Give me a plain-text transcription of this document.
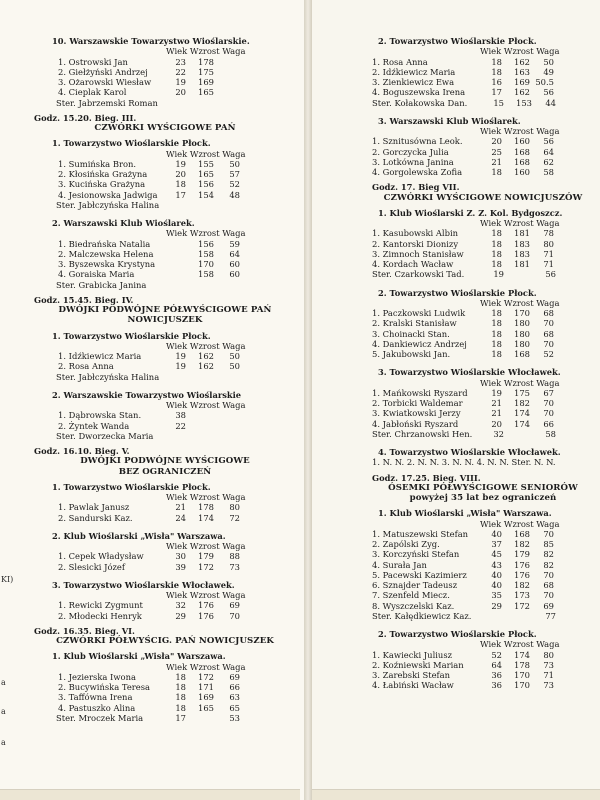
10. Warszawskie Towarzystwo Wioślarskie.
Wiek Wzrost Waga
1. Ostrowski Jan	23	178
2. Giełżyński Andrzej	22	175
3. Ożarowski Wiesław	19	169
4. Cieplak Karol	20	165
Ster. Jabrzemski Roman
Godz. 15.20. Bieg. III.
CZWÓRKI WYŚCIGOWE PAŃ
1. Towarzystwo Wioślarskie Płock.
Wiek Wzrost Waga
1. Sumińska Bron.	19	155	50
2. Kłosińska Grażyna	20	165	57
3. Kucińska Grażyna	18	156	52
4. Jesionowska Jadwiga	17	154	48
Ster. Jabłczyńska Halina
2. Warszawski Klub Wioślarek.
Wiek Wzrost Waga
1. Biedrańska Natalia	156	59
2. Malczewska Helena	158	64
3. Byszewska Krystyna	170	60
4. Goraiska Maria	158	60
Ster. Grabicka Janina
Godz. 15.45. Bieg. IV.
DWÓJKI PODWÓJNE PÓŁWYŚCIGOWE PAŃ
NOWICJUSZEK
1. Towarzystwo Wioślarskie Płock.
Wiek Wzrost Waga
1. Idźkiewicz Maria	19	162	50
2. Rosa Anna	19	162	50
Ster. Jabłczyńska Halina
2. Warszawskie Towarzystwo Wioślarskie
Wiek Wzrost Waga
1. Dąbrowska Stan.	38
2. Żyntek Wanda	22
Ster. Dworzecka Maria
Godz. 16.10. Bieg. V.
DWÓJKI PODWÓJNE WYŚCIGOWE
BEZ OGRANICZEŃ
1. Towarzystwo Wioślarskie Płock.
Wiek Wzrost Waga
1. Pawlak Janusz	21	178	80
2. Sandurski Kaz.	24	174	72
2. Klub Wioślarski „Wisła" Warszawa.
Wiek Wzrost Waga
1. Cepek Władysław	30	179	88
2. Slesicki Józef	39	172	73
3. Towarzystwo Wioślarskie Włocławek.
Wiek Wzrost Waga
1. Rewicki Zygmunt	32	176	69
2. Młodecki Henryk	29	176	70
Godz. 16.35. Bieg. VI.
CZWÓRKI PÓŁWYŚCIG. PAŃ NOWICJUSZEK
1. Klub Wioślarski „Wisła" Warszawa.
Wiek Wzrost Waga
1. Jezierska Iwona	18	172	69
2. Bucywińska Teresa	18	171	66
3. Taffówna Irena	18	169	63
4. Pastuszko Alina	18	165	65
Ster. Mroczek Maria	17	53
2. Towarzystwo Wioślarskie Płock.
Wiek Wzrost Waga
1. Rosa Anna	18	162	50
2. Idźkiewicz Maria	18	163	49
3. Zienkiewicz Ewa	16	169 50.5
4. Boguszewska Irena	17	162	56
Ster. Kołakowska Dan.	15	153	44
3. Warszawski Klub Wioślarek.
Wiek Wzrost Waga
1. Sznitusówna Leok.	20	160	56
2. Gorczycka Julia	25	168	64
3. Lotkówna Janina	21	168	62
4. Gorgolewska Zofia	18	160	58
Godz. 17. Bieg VII.
CZWÓRKI WYŚCIGOWE NOWICJUSZÓW
1. Klub Wioślarski Z. Z. Kol. Bydgoszcz.
Wiek Wzrost Waga
1. Kasubowski Albin	18	181	78
2. Kantorski Dionizy	18	183	80
3. Zimnoch Stanisław	18	183	71
4. Kordach Wacław	18	181	71
Ster. Czarkowski Tad.	19	56
2. Towarzystwo Wioślarskie Płock.
Wiek Wzrost Waga
1. Paczkowski Ludwik	18	170	68
2. Kralski Stanisław	18	180	70
3. Choinacki Stan.	18	180	68
4. Dankiewicz Andrzej	18	180	70
5. Jakubowski Jan.	18	168	52
3. Towarzystwo Wioślarskie Włocławek.
Wiek Wzrost Waga
1. Mańkowski Ryszard	19	175	67
2. Torbicki Waldemar	21	182	70
3. Kwiatkowski Jerzy	21	174	70
4. Jabłoński Ryszard	20	174	66
Ster. Chrzanowski Hen.	32	58
4. Towarzystwo Wioślarskie Włocławek.
1. N. N. 2. N. N. 3. N. N. 4. N. N. Ster. N. N.
Godz. 17.25. Bieg. VIII.
ÓSEMKI PÓŁWYŚCIGOWE SENIORÓW
powyżej 35 lat bez ograniczeń
1. Klub Wioślarski „Wisła" Warszawa.
Wiek Wzrost Waga
1. Matuszewski Stefan	40	168	70
2. Zapólski Zyg.	37	182	85
3. Korczyński Stefan	45	179	82
4. Surała Jan	43	176	82
5. Pacewski Kazimierz	40	176	70
6. Sznajder Tadeusz	40	182	68
7. Szenfeld Miecz.	35	173	70
8. Wyszczelski Kaz.	29	172	69
Ster. Kałędkiewicz Kaz.	77
2. Towarzystwo Wioślarskie Płock.
Wiek Wzrost Waga
1. Kawiecki Juliusz	52	174	80
2. Koźniewski Marian	64	178	73
3. Zarebski Stefan	36	170	71
4. Łabiński Wacław	36	170	73
KI)
a
a
a
